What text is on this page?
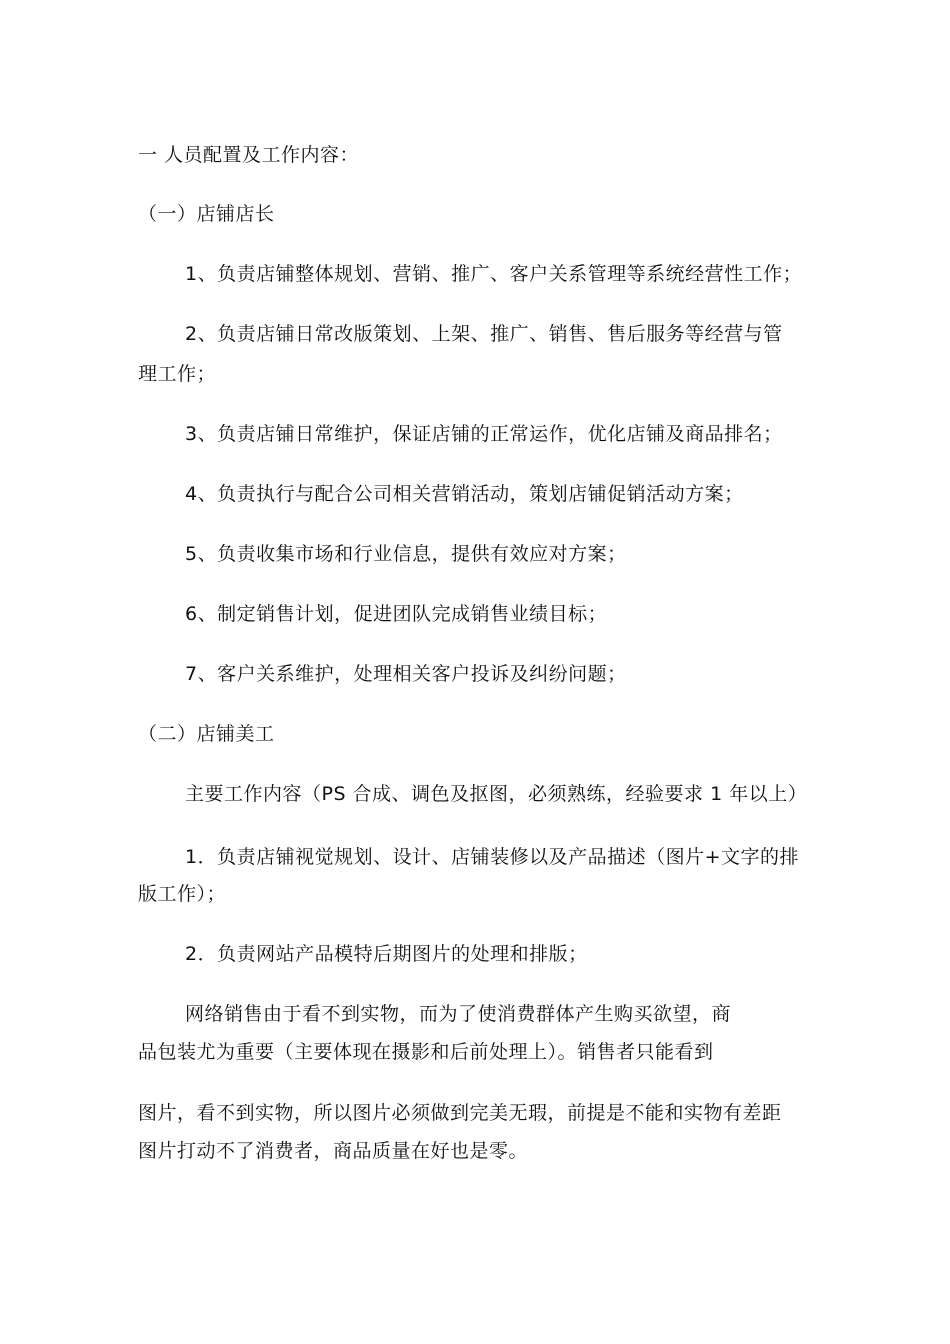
一 人员配置及工作内容：
（一）店铺店长
1、负责店铺整体规划、营销、推广、客户关系管理等系统经营性工作；
2、负责店铺日常改版策划、上架、推广、销售、售后服务等经营与管
理工作；
3、负责店铺日常维护，保证店铺的正常运作，优化店铺及商品排名；
4、负责执行与配合公司相关营销活动，策划店铺促销活动方案；
5、负责收集市场和行业信息，提供有效应对方案；
6、制定销售计划，促进团队完成销售业绩目标；
7、客户关系维护，处理相关客户投诉及纠纷问题；
（二）店铺美工
主要工作内容（PS 合成、调色及抠图，必须熟练，经验要求 1 年以上）
1．负责店铺视觉规划、设计、店铺装修以及产品描述（图片+文字的排
版工作）；
2．负责网站产品模特后期图片的处理和排版；
网络销售由于看不到实物，而为了使消费群体产生购买欲望，商
品包装尤为重要（主要体现在摄影和后前处理上）。销售者只能看到
图片，看不到实物，所以图片必须做到完美无瑕，前提是不能和实物有差距
图片打动不了消费者，商品质量在好也是零。
